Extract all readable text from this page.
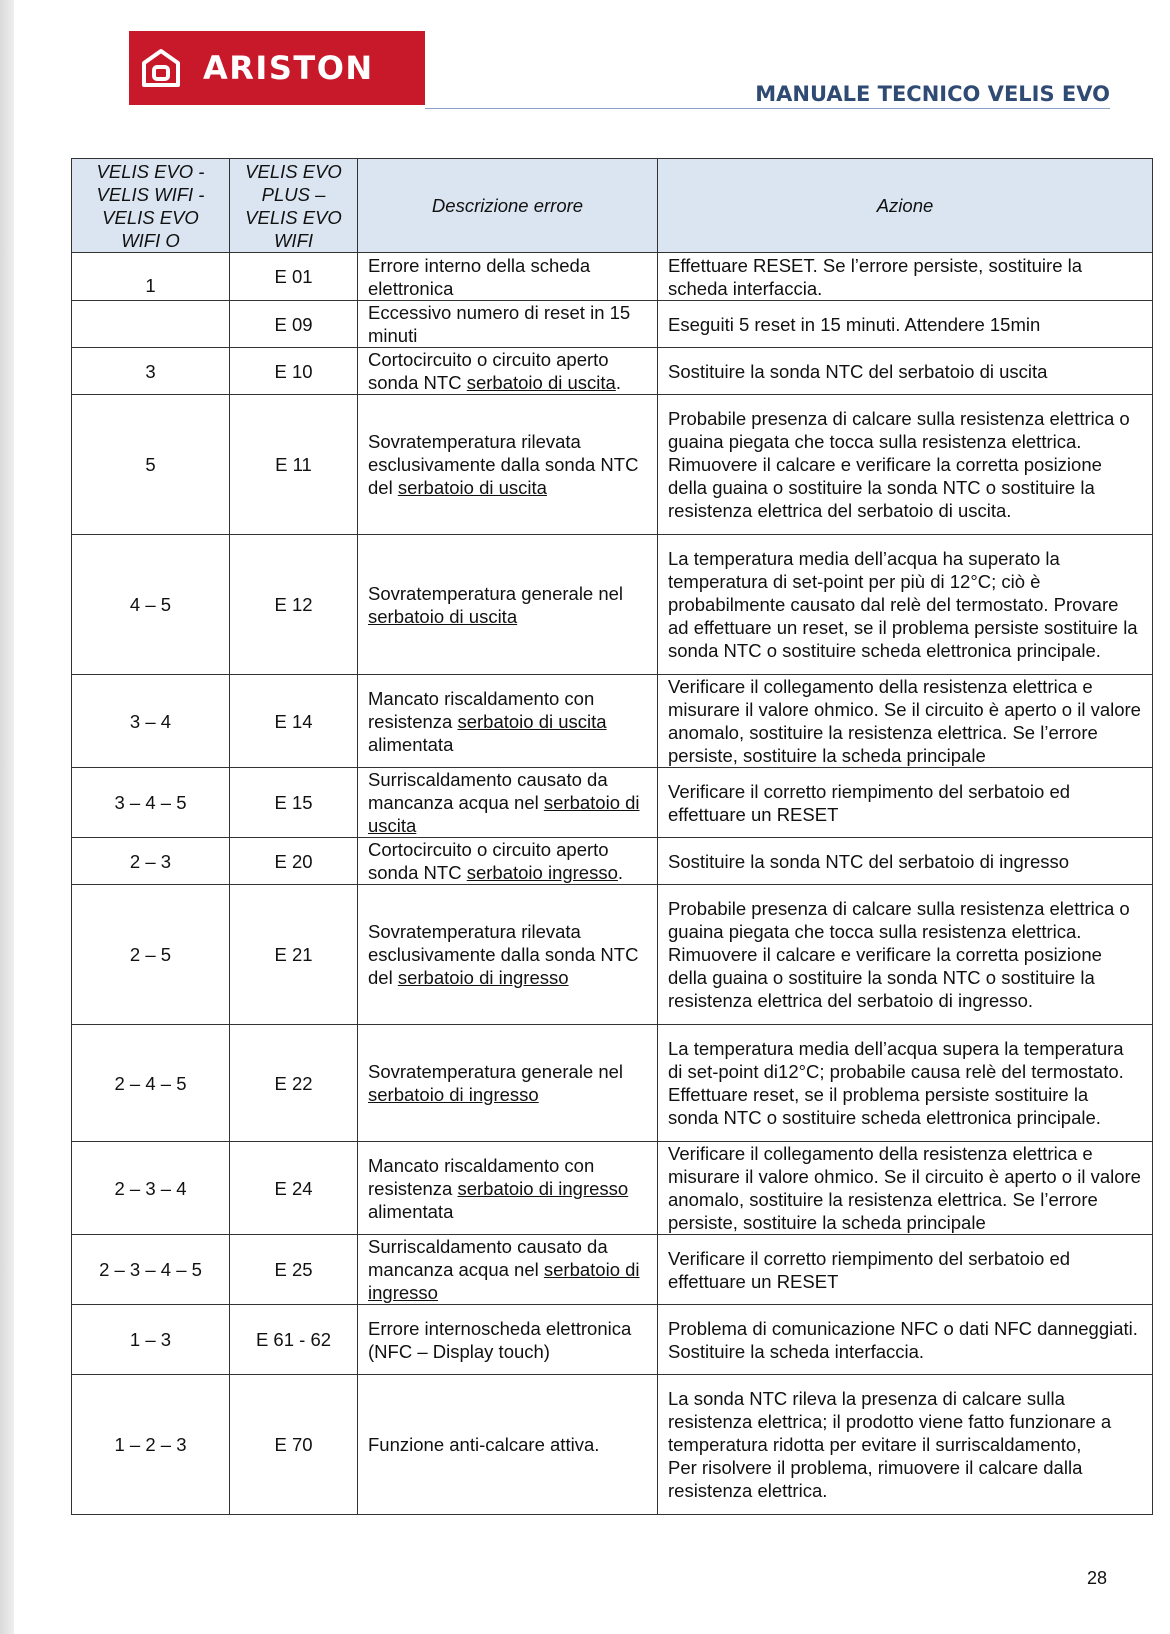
ARISTON
MANUALE TECNICO VELIS EVO
VELIS EVO - VELIS WIFI - VELIS EVO WIFI O	VELIS EVO PLUS – VELIS EVO WIFI	Descrizione errore	Azione
1	E 01	Errore interno della scheda elettronica	Effettuare RESET. Se l’errore persiste, sostituire la scheda interfaccia.
	E 09	Eccessivo numero di reset in 15 minuti	Eseguiti 5 reset in 15 minuti. Attendere 15min
3	E 10	Cortocircuito o circuito aperto sonda NTC serbatoio di uscita.	Sostituire la sonda NTC del serbatoio di uscita
5	E 11	Sovratemperatura rilevata esclusivamente dalla sonda NTC del serbatoio di uscita	Probabile presenza di calcare sulla resistenza elettrica o guaina piegata che tocca sulla resistenza elettrica. Rimuovere il calcare e verificare la corretta posizione della guaina o sostituire la sonda NTC o sostituire la resistenza elettrica del serbatoio di uscita.
4 – 5	E 12	Sovratemperatura generale nel serbatoio di uscita	La temperatura media dell’acqua ha superato la temperatura di set-point per più di 12°C; ciò è probabilmente causato dal relè del termostato. Provare ad effettuare un reset, se il problema persiste sostituire la sonda NTC o sostituire scheda elettronica principale.
3 – 4	E 14	Mancato riscaldamento con resistenza serbatoio di uscita alimentata	Verificare il collegamento della resistenza elettrica e misurare il valore ohmico. Se il circuito è aperto o il valore anomalo, sostituire la resistenza elettrica. Se l’errore persiste, sostituire la scheda principale
3 – 4 – 5	E 15	Surriscaldamento causato da mancanza acqua nel serbatoio di uscita	Verificare il corretto riempimento del serbatoio ed effettuare un RESET
2 – 3	E 20	Cortocircuito o circuito aperto sonda NTC serbatoio ingresso.	Sostituire la sonda NTC del serbatoio di ingresso
2 – 5	E 21	Sovratemperatura rilevata esclusivamente dalla sonda NTC del serbatoio di ingresso	Probabile presenza di calcare sulla resistenza elettrica o guaina piegata che tocca sulla resistenza elettrica. Rimuovere il calcare e verificare la corretta posizione della guaina o sostituire la sonda NTC o sostituire la resistenza elettrica del serbatoio di ingresso.
2 – 4 – 5	E 22	Sovratemperatura generale nel serbatoio di ingresso	La temperatura media dell’acqua supera la temperatura di set-point di12°C; probabile causa relè del termostato. Effettuare reset, se il problema persiste sostituire la sonda NTC o sostituire scheda elettronica principale.
2 – 3 – 4	E 24	Mancato riscaldamento con resistenza serbatoio di ingresso alimentata	Verificare il collegamento della resistenza elettrica e misurare il valore ohmico. Se il circuito è aperto o il valore anomalo, sostituire la resistenza elettrica. Se l’errore persiste, sostituire la scheda principale
2 – 3 – 4 – 5	E 25	Surriscaldamento causato da mancanza acqua nel serbatoio di ingresso	Verificare il corretto riempimento del serbatoio ed effettuare un RESET
1 – 3	E 61 - 62	Errore internoscheda elettronica (NFC – Display touch)	Problema di comunicazione NFC o dati NFC danneggiati. Sostituire la scheda interfaccia.
1 – 2 – 3	E 70	Funzione anti-calcare attiva.	La sonda NTC rileva la presenza di calcare sulla resistenza elettrica; il prodotto viene fatto funzionare a temperatura ridotta per evitare il surriscaldamento,
Per risolvere il problema, rimuovere il calcare dalla resistenza elettrica.
28
